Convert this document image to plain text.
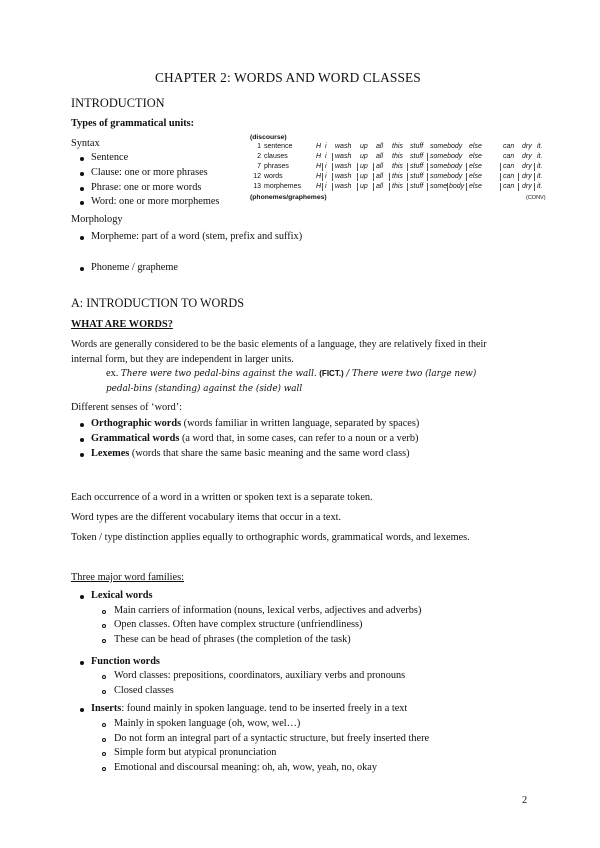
CHAPTER 2: WORDS AND WORD CLASSES
INTRODUCTION
Types of grammatical units:
Syntax
Sentence
Clause: one or more phrases
Phrase: one or more words
Word: one or more morphemes
Morphology
Morpheme: part of a word (stem, prefix and suffix)
Phoneme / grapheme
(discourse)
1 sentence	H i wash up all this stuff somebody else	can dry it.
2 clauses	H i wash up all this stuff somebody else	can dry it.
7 phrases	H i wash up all this stuff somebody else	can dry it.
12 words	H i wash up all this stuff somebody else	can dry it.
13 morphemes H i wash up all this stuff some body else	can dry it.
(phonemes/graphemes)	(CONV)
A: INTRODUCTION TO WORDS
WHAT ARE WORDS?
Words are generally considered to be the basic elements of a language, they are relatively fixed in their
internal form, but they are independent in larger units.
ex. There were two pedal-bins against the wall. (FICT.) / There were two (large new)
pedal-bins (standing) against the (side) wall
Different senses of ‘word’:
Orthographic words (words familiar in written language, separated by spaces)
Grammatical words (a word that, in some cases, can refer to a noun or a verb)
Lexemes (words that share the same basic meaning and the same word class)
Each occurrence of a word in a written or spoken text is a separate token.
Word types are the different vocabulary items that occur in a text.
Token / type distinction applies equally to orthographic words, grammatical words, and lexemes.
Three major word families:
Lexical words
Main carriers of information (nouns, lexical verbs, adjectives and adverbs)
Open classes. Often have complex structure (unfriendliness)
These can be head of phrases (the completion of the task)
Function words
Word classes: prepositions, coordinators, auxiliary verbs and pronouns
Closed classes
Inserts: found mainly in spoken language. tend to be inserted freely in a text
Mainly in spoken language (oh, wow, wel…)
Do not form an integral part of a syntactic structure, but freely inserted there
Simple form but atypical pronunciation
Emotional and discoursal meaning: oh, ah, wow, yeah, no, okay
2
